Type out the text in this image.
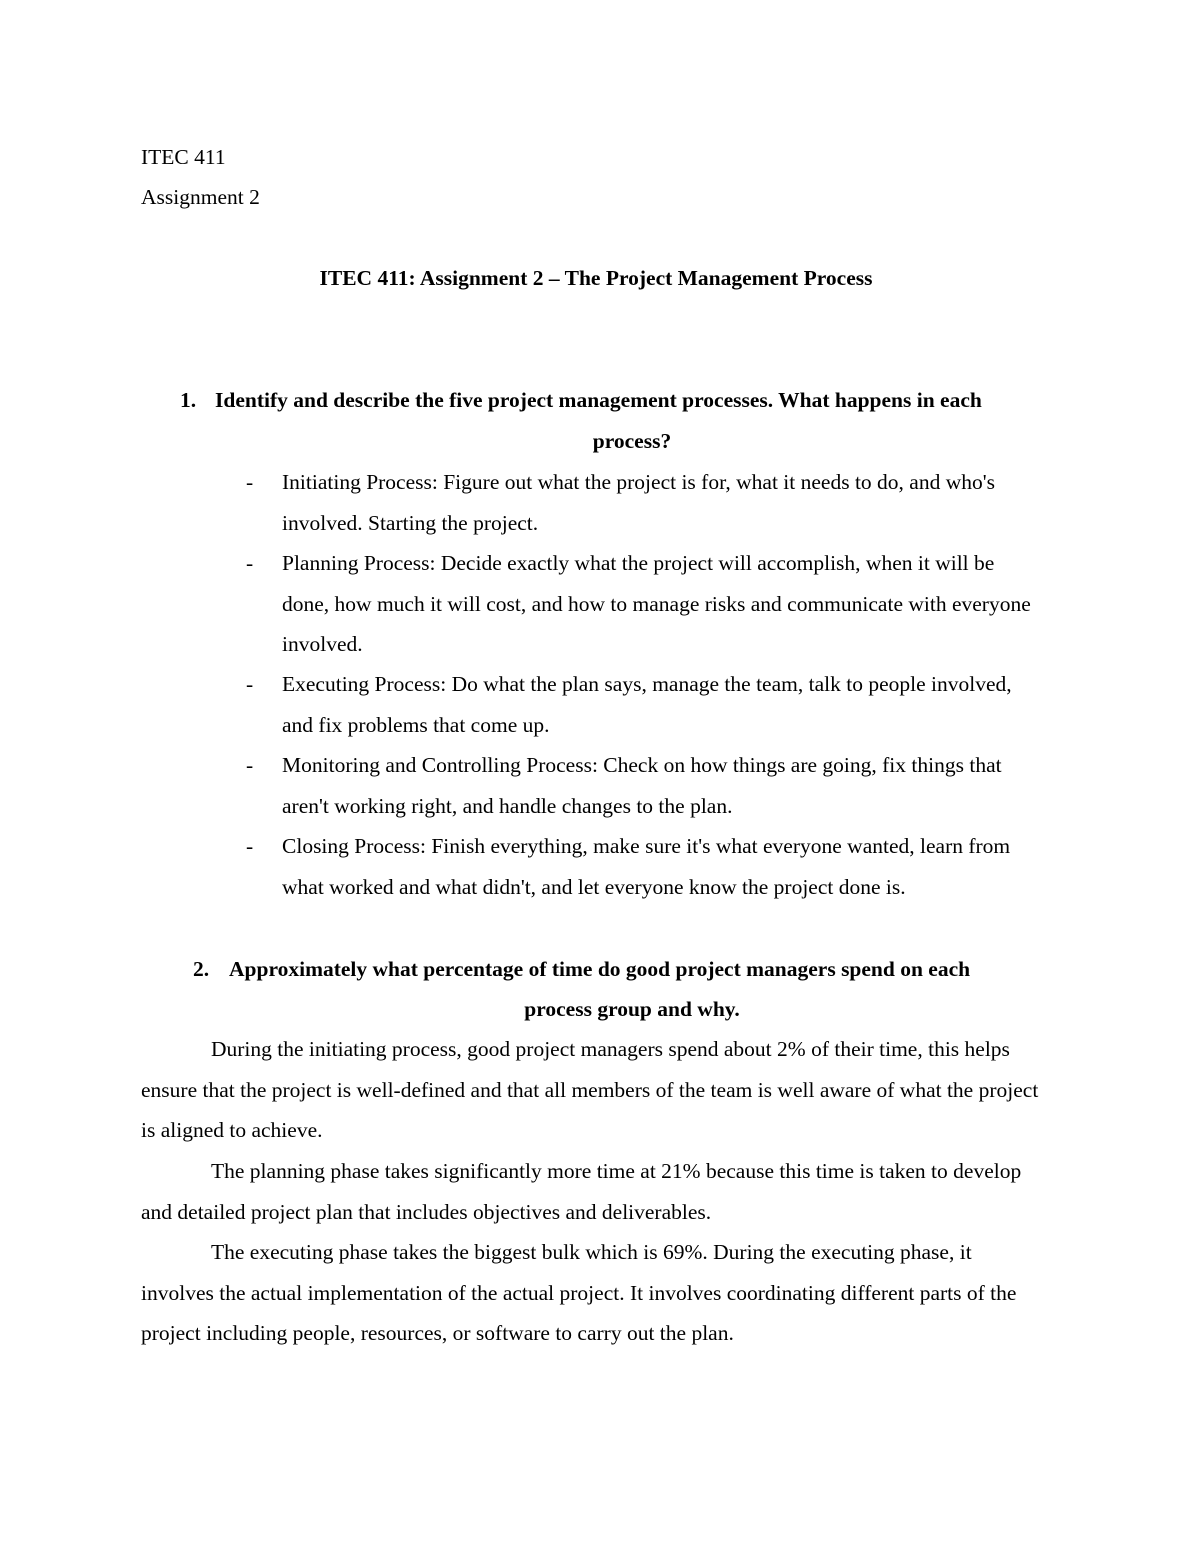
ITEC 411

Assignment 2

ITEC 411: Assignment 2 – The Project Management Process

1. Identify and describe the five project management processes. What happens in each
process?
- Initiating Process: Figure out what the project is for, what it needs to do, and who's involved. Starting the project.

- Planning Process: Decide exactly what the project will accomplish, when it will be done, how much it will cost, and how to manage risks and communicate with everyone involved.

- Executing Process: Do what the plan says, manage the team, talk to people involved, and fix problems that come up.

- Monitoring and Controlling Process: Check on how things are going, fix things that aren't working right, and handle changes to the plan.

- Closing Process: Finish everything, make sure it's what everyone wanted, learn from what worked and what didn't, and let everyone know the project done is.

2. Approximately what percentage of time do good project managers spend on each
process group and why.

During the initiating process, good project managers spend about 2% of their time, this helps ensure that the project is well-defined and that all members of the team is well aware of what the project is aligned to achieve.

The planning phase takes significantly more time at 21% because this time is taken to develop and detailed project plan that includes objectives and deliverables.

The executing phase takes the biggest bulk which is 69%. During the executing phase, it involves the actual implementation of the actual project. It involves coordinating different parts of the project including people, resources, or software to carry out the plan.
